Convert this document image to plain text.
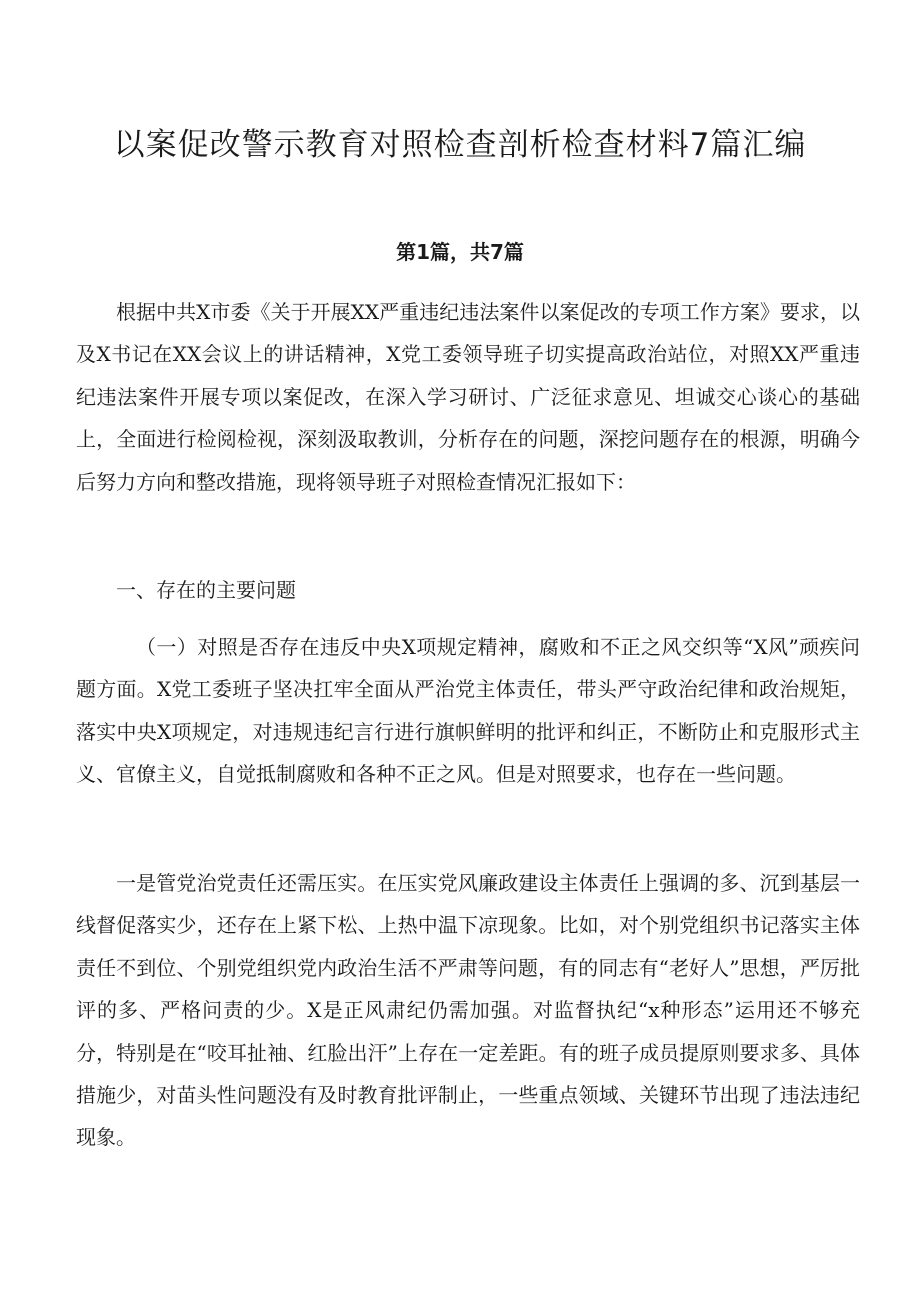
以案促改警示教育对照检查剖析检查材料7篇汇编
第1篇，共7篇

根据中共X市委《关于开展XX严重违纪违法案件以案促改的专项工作方案》要求，以及X书记在XX会议上的讲话精神，X党工委领导班子切实提高政治站位，对照XX严重违纪违法案件开展专项以案促改，在深入学习研讨、广泛征求意见、坦诚交心谈心的基础上，全面进行检阅检视，深刻汲取教训，分析存在的问题，深挖问题存在的根源，明确今后努力方向和整改措施，现将领导班子对照检查情况汇报如下：

一、存在的主要问题

（一）对照是否存在违反中央X项规定精神，腐败和不正之风交织等“X风”顽疾问题方面。X党工委班子坚决扛牢全面从严治党主体责任，带头严守政治纪律和政治规矩，落实中央X项规定，对违规违纪言行进行旗帜鲜明的批评和纠正，不断防止和克服形式主义、官僚主义，自觉抵制腐败和各种不正之风。但是对照要求，也存在一些问题。

一是管党治党责任还需压实。在压实党风廉政建设主体责任上强调的多、沉到基层一线督促落实少，还存在上紧下松、上热中温下凉现象。比如，对个别党组织书记落实主体责任不到位、个别党组织党内政治生活不严肃等问题，有的同志有“老好人”思想，严厉批评的多、严格问责的少。X是正风肃纪仍需加强。对监督执纪“x种形态”运用还不够充分，特别是在“咬耳扯袖、红脸出汗”上存在一定差距。有的班子成员提原则要求多、具体措施少，对苗头性问题没有及时教育批评制止，一些重点领域、关键环节出现了违法违纪现象。
